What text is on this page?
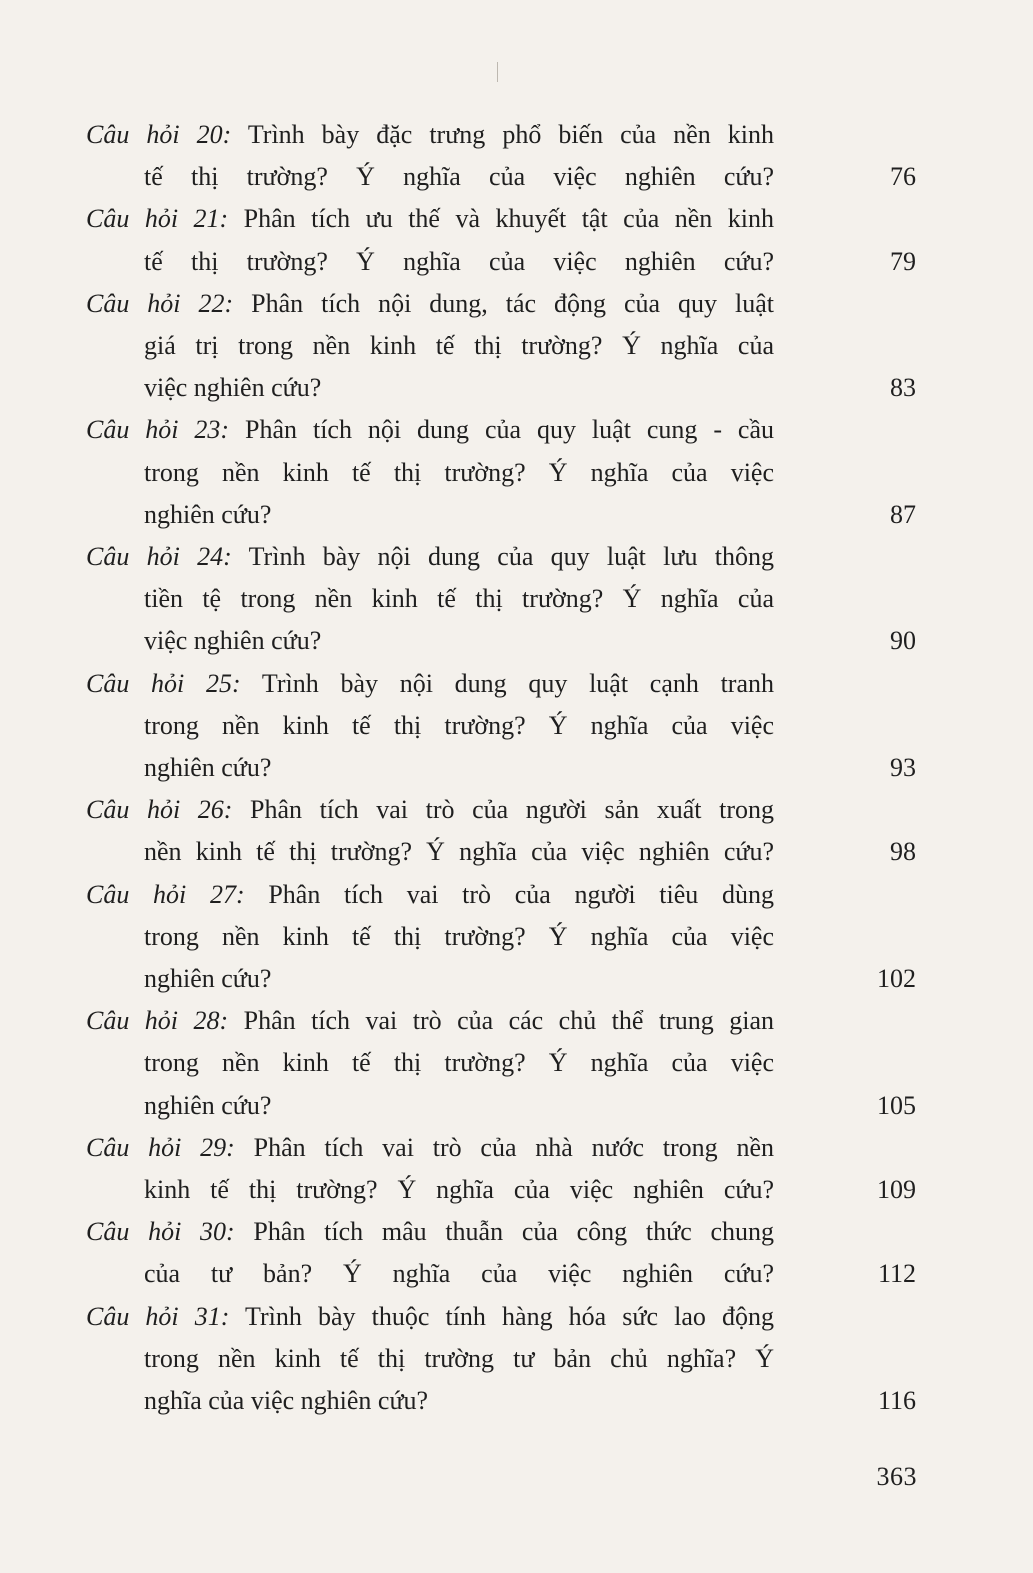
Câu hỏi 20: Trình bày đặc trưng phổ biến của nền kinh
tế thị trường? Ý nghĩa của việc nghiên cứu?	76
Câu hỏi 21: Phân tích ưu thế và khuyết tật của nền kinh
tế thị trường? Ý nghĩa của việc nghiên cứu?	79
Câu hỏi 22: Phân tích nội dung, tác động của quy luật
giá trị trong nền kinh tế thị trường? Ý nghĩa của
việc nghiên cứu?	83
Câu hỏi 23: Phân tích nội dung của quy luật cung - cầu
trong nền kinh tế thị trường? Ý nghĩa của việc
nghiên cứu?	87
Câu hỏi 24: Trình bày nội dung của quy luật lưu thông
tiền tệ trong nền kinh tế thị trường? Ý nghĩa của
việc nghiên cứu?	90
Câu hỏi 25: Trình bày nội dung quy luật cạnh tranh
trong nền kinh tế thị trường? Ý nghĩa của việc
nghiên cứu?	93
Câu hỏi 26: Phân tích vai trò của người sản xuất trong
nền kinh tế thị trường? Ý nghĩa của việc nghiên cứu?	98
Câu hỏi 27: Phân tích vai trò của người tiêu dùng
trong nền kinh tế thị trường? Ý nghĩa của việc
nghiên cứu?	102
Câu hỏi 28: Phân tích vai trò của các chủ thể trung gian
trong nền kinh tế thị trường? Ý nghĩa của việc
nghiên cứu?	105
Câu hỏi 29: Phân tích vai trò của nhà nước trong nền
kinh tế thị trường? Ý nghĩa của việc nghiên cứu?	109
Câu hỏi 30: Phân tích mâu thuẫn của công thức chung
của tư bản? Ý nghĩa của việc nghiên cứu?	112
Câu hỏi 31: Trình bày thuộc tính hàng hóa sức lao động
trong nền kinh tế thị trường tư bản chủ nghĩa? Ý
nghĩa của việc nghiên cứu?	116
363
